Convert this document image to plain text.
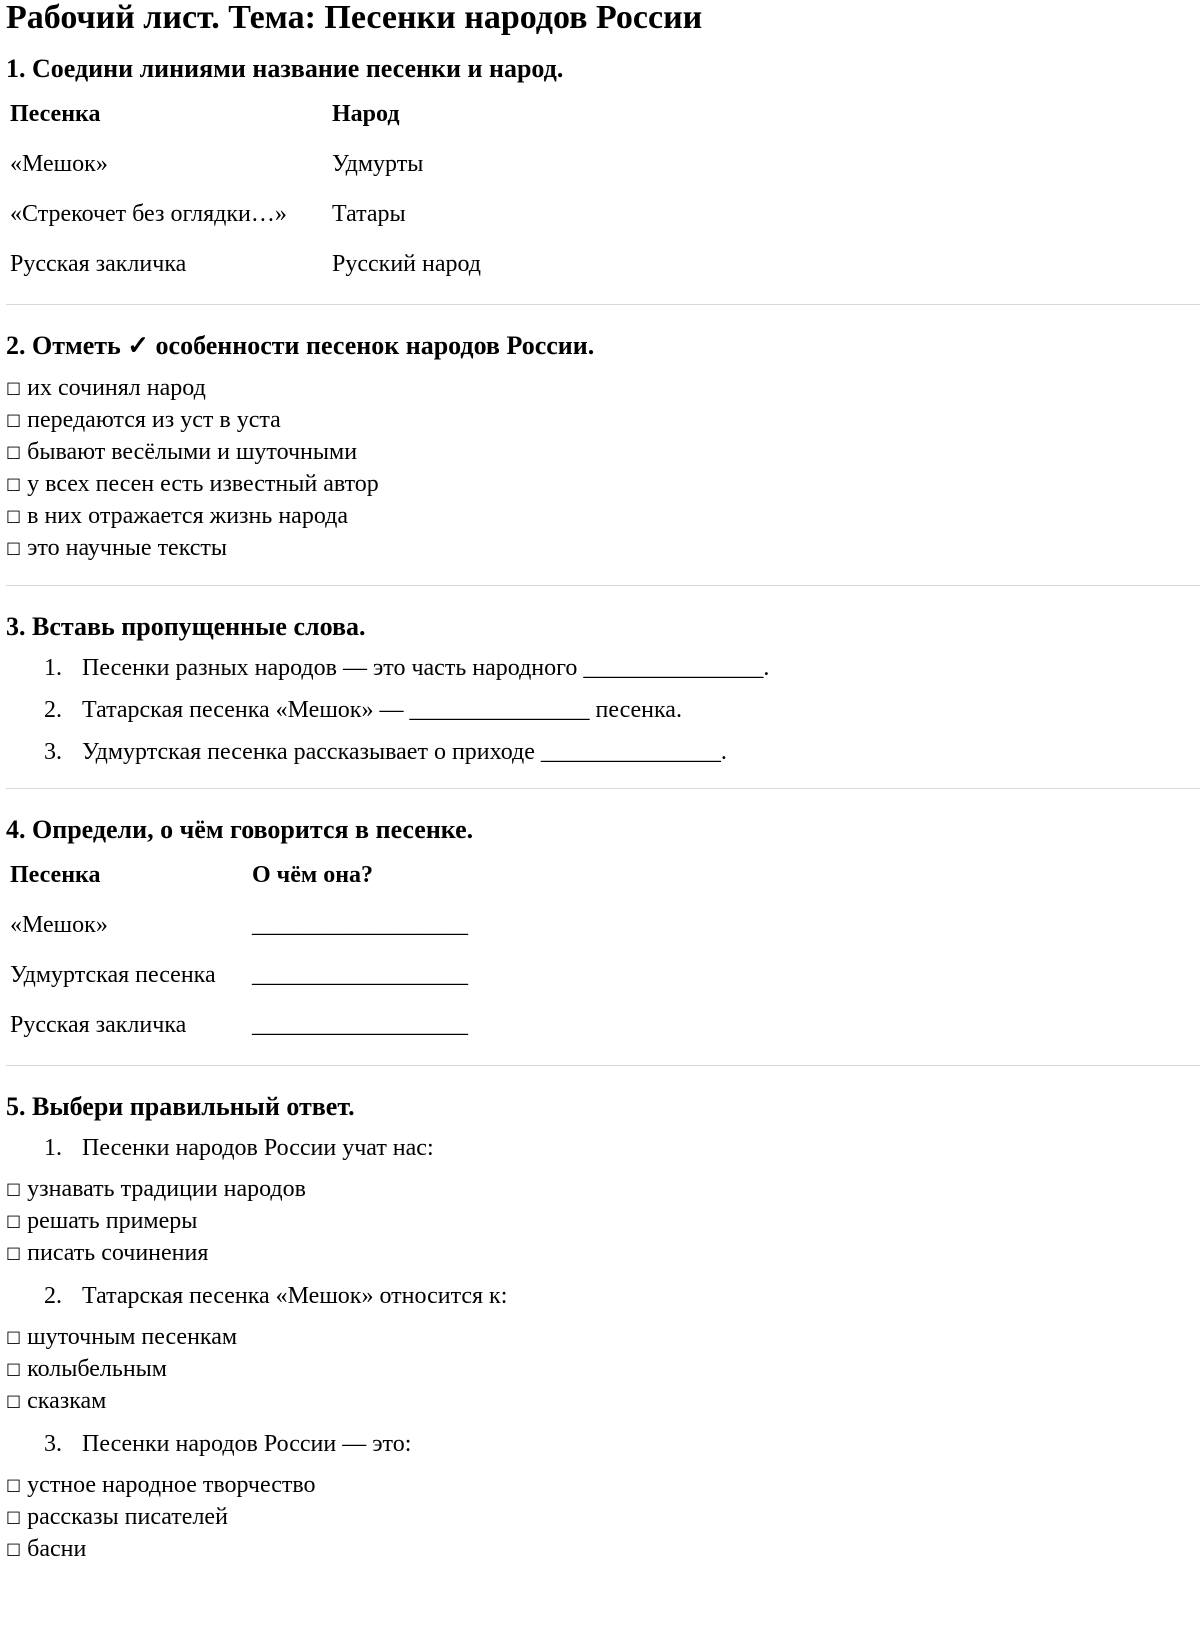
Рабочий лист. Тема: Песенки народов России
1. Соедини линиями название песенки и народ.
Песенка	Народ
«Мешок»	Удмурты
«Стрекочет без оглядки…»	Татары
Русская закличка	Русский народ
2. Отметь ✓ особенности песенок народов России.
□ их сочинял народ
□ передаются из уст в уста
□ бывают весёлыми и шуточными
□ у всех песен есть известный автор
□ в них отражается жизнь народа
□ это научные тексты
3. Вставь пропущенные слова.
1. Песенки разных народов — это часть народного _______________.
2. Татарская песенка «Мешок» — _______________ песенка.
3. Удмуртская песенка рассказывает о приходе _______________.
4. Определи, о чём говорится в песенке.
Песенка	О чём она?
«Мешок»	__________________
Удмуртская песенка	__________________
Русская закличка	__________________
5. Выбери правильный ответ.
1. Песенки народов России учат нас:
□ узнавать традиции народов
□ решать примеры
□ писать сочинения
2. Татарская песенка «Мешок» относится к:
□ шуточным песенкам
□ колыбельным
□ сказкам
3. Песенки народов России — это:
□ устное народное творчество
□ рассказы писателей
□ басни
